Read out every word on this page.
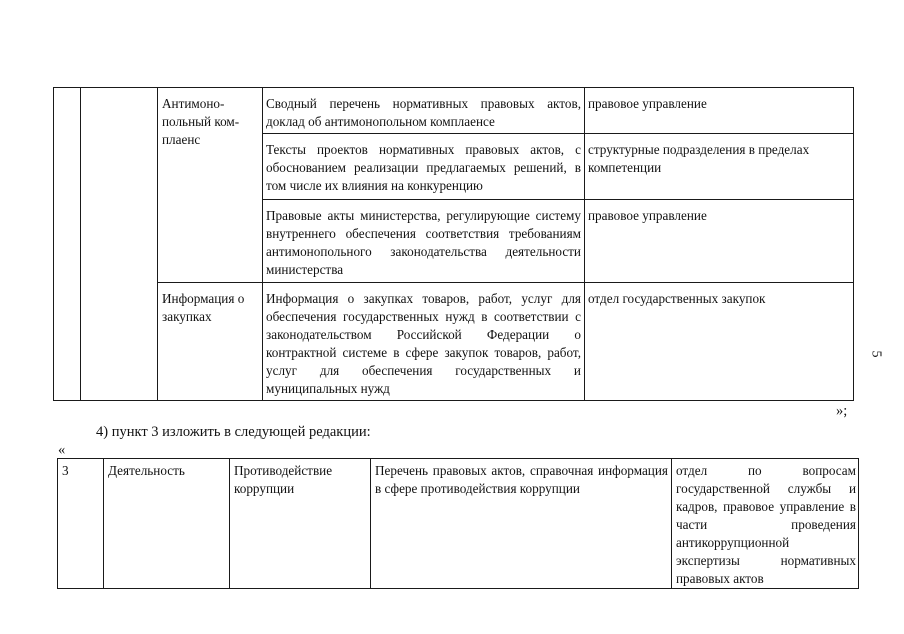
Антимоно-
польный ком-
плаенс
Сводный перечень нормативных правовых актов, доклад об антимонопольном комплаенсе
правовое управление
Тексты проектов нормативных правовых актов, с обоснованием реализации предлагаемых решений, в том числе их влияния на конкуренцию
структурные подразделения в пределах компетенции
Правовые акты министерства, регулирующие систему внутреннего обеспечения соответствия требованиям антимонопольного законодательства деятельности министерства
правовое управление
Информация о закупках
Информация о закупках товаров, работ, услуг для обеспечения государственных нужд в соответствии с законодательством Российской Федерации о контрактной системе в сфере закупок товаров, работ, услуг для обеспечения государственных и муниципальных нужд
отдел государственных закупок
»;
4) пункт 3 изложить в следующей редакции:
«
3	Деятельность	Противодействие коррупции
Перечень правовых актов, справочная информация в сфере противодействия коррупции
отдел по вопросам государственной службы и кадров, правовое управление в части проведения антикоррупционной экспертизы нормативных правовых актов
5
